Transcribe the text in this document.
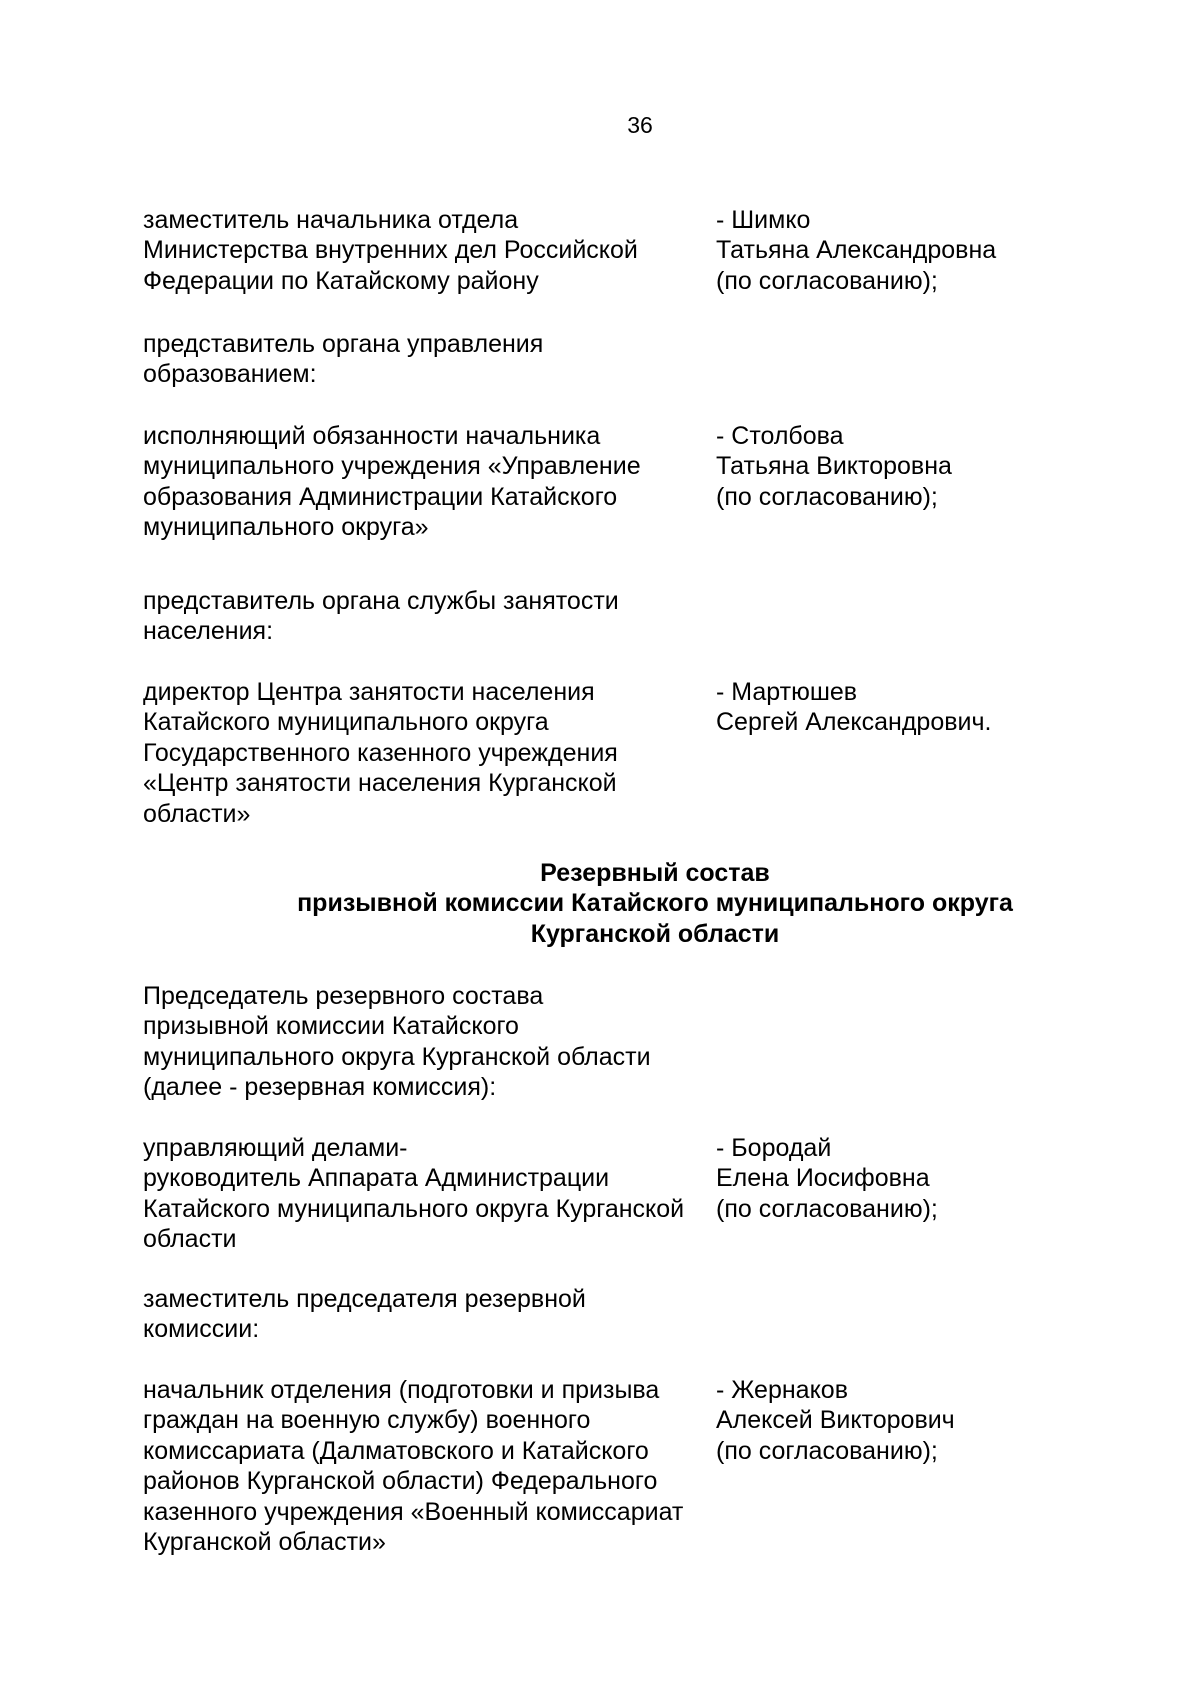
36
заместитель начальника отдела
Министерства внутренних дел Российской
Федерации по Катайскому району
- Шимко
Татьяна Александровна
(по согласованию);
представитель органа управления
образованием:
исполняющий обязанности начальника
муниципального учреждения «Управление
образования Администрации Катайского
муниципального округа»
- Столбова
Татьяна Викторовна
(по согласованию);
представитель органа службы занятости
населения:
директор Центра занятости населения
Катайского муниципального округа
Государственного казенного учреждения
«Центр занятости населения Курганской
области»
- Мартюшев
Сергей Александрович.
Резервный состав
призывной комиссии Катайского муниципального округа
Курганской области
Председатель резервного состава
призывной комиссии Катайского
муниципального округа Курганской области
(далее - резервная комиссия):
управляющий делами-
руководитель Аппарата Администрации
Катайского муниципального округа Курганской
области
- Бородай
Елена Иосифовна
(по согласованию);
заместитель председателя резервной
комиссии:
начальник отделения (подготовки и призыва
граждан на военную службу) военного
комиссариата (Далматовского и Катайского
районов Курганской области) Федерального
казенного учреждения «Военный комиссариат
Курганской области»
- Жернаков
Алексей Викторович
(по согласованию);
